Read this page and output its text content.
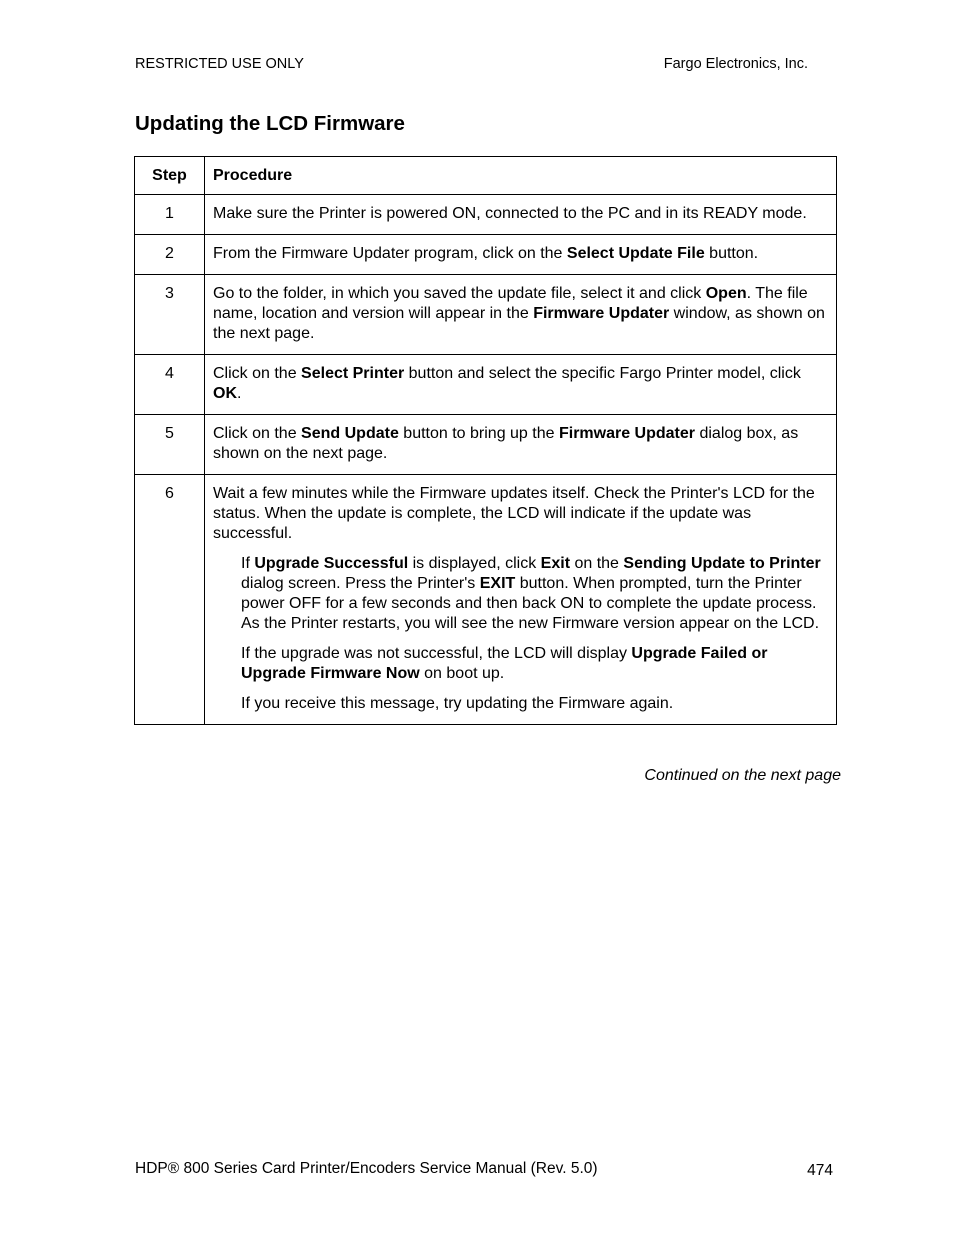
RESTRICTED USE ONLY	Fargo Electronics, Inc.
Updating the LCD Firmware
Step	Procedure
1	Make sure the Printer is powered ON, connected to the PC and in its READY mode.

2	From the Firmware Updater program, click on the Select Update File button.

3	Go to the folder, in which you saved the update file, select it and click Open. The file name, location and version will appear in the Firmware Updater window, as shown on the next page.

4	Click on the Select Printer button and select the specific Fargo Printer model, click OK.

5	Click on the Send Update button to bring up the Firmware Updater dialog box, as shown on the next page.

6	Wait a few minutes while the Firmware updates itself. Check the Printer's LCD for the status. When the update is complete, the LCD will indicate if the update was successful.
If Upgrade Successful is displayed, click Exit on the Sending Update to Printer dialog screen. Press the Printer's EXIT button. When prompted, turn the Printer power OFF for a few seconds and then back ON to complete the update process. As the Printer restarts, you will see the new Firmware version appear on the LCD.
If the upgrade was not successful, the LCD will display Upgrade Failed or Upgrade Firmware Now on boot up.
If you receive this message, try updating the Firmware again.
Continued on the next page
HDP® 800 Series Card Printer/Encoders Service Manual (Rev. 5.0)	474
